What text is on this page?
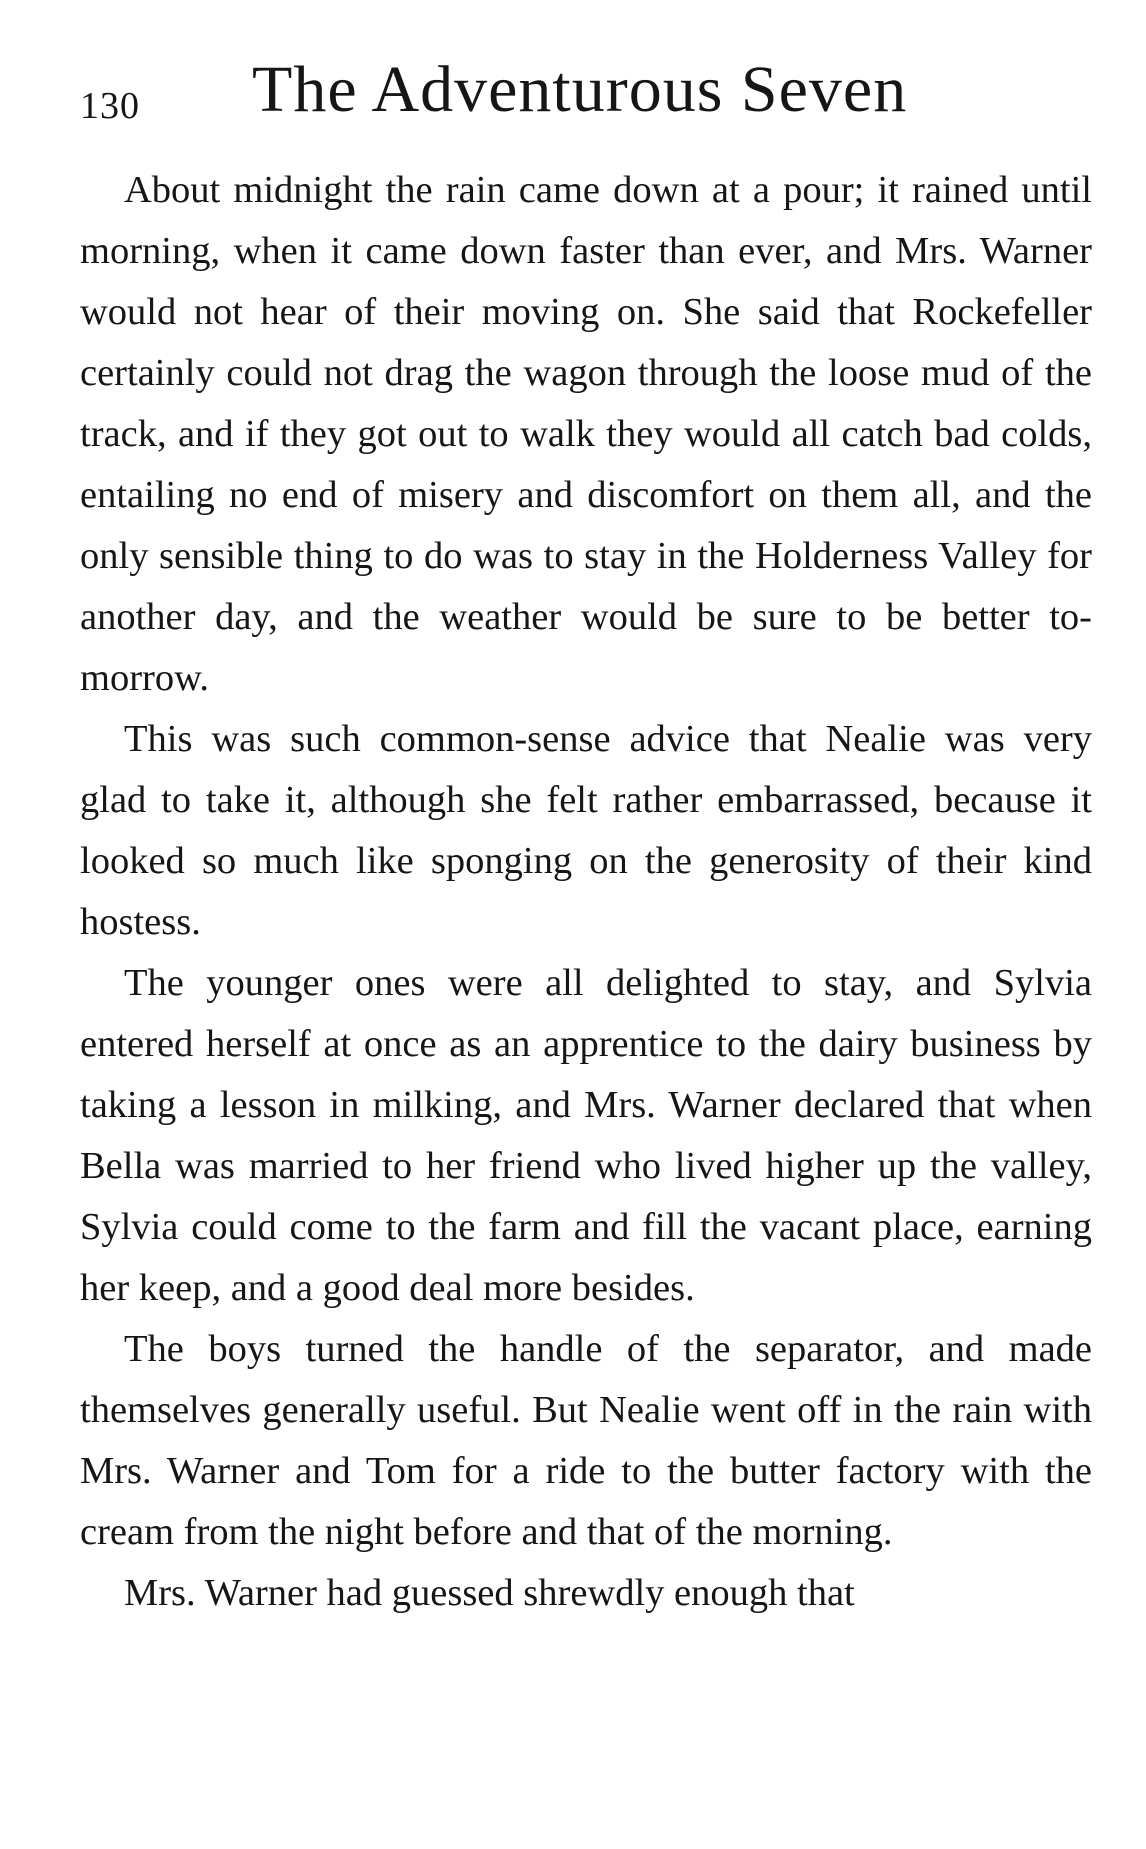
130 The Adventurous Seven

About midnight the rain came down at a pour; it rained until morning, when it came down faster than ever, and Mrs. Warner would not hear of their moving on. She said that Rockefeller certainly could not drag the wagon through the loose mud of the track, and if they got out to walk they would all catch bad colds, entailing no end of misery and discomfort on them all, and the only sensible thing to do was to stay in the Holderness Valley for another day, and the weather would be sure to be better to-morrow.

This was such common-sense advice that Nealie was very glad to take it, although she felt rather embarrassed, because it looked so much like sponging on the generosity of their kind hostess.

The younger ones were all delighted to stay, and Sylvia entered herself at once as an apprentice to the dairy business by taking a lesson in milking, and Mrs. Warner declared that when Bella was married to her friend who lived higher up the valley, Sylvia could come to the farm and fill the vacant place, earning her keep, and a good deal more besides.

The boys turned the handle of the separator, and made themselves generally useful. But Nealie went off in the rain with Mrs. Warner and Tom for a ride to the butter factory with the cream from the night before and that of the morning.

Mrs. Warner had guessed shrewdly enough that
